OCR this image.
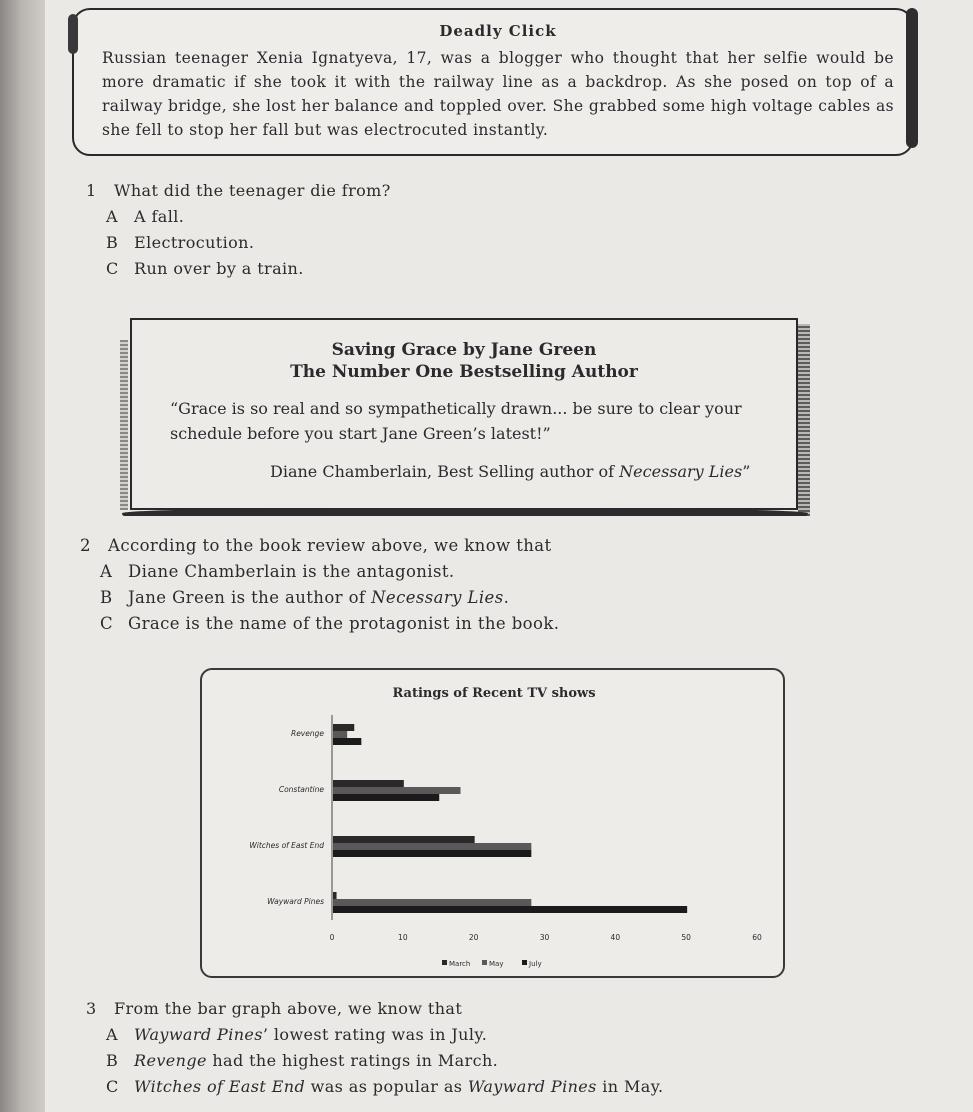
Deadly Click
Russian teenager Xenia Ignatyeva, 17, was a blogger who thought that her selfie would be more dramatic if she took it with the railway line as a backdrop. As she posed on top of a railway bridge, she lost her balance and toppled over. She grabbed some high voltage cables as she fell to stop her fall but was electrocuted instantly.
1	What did the teenager die from?
A A fall.
B Electrocution.
C Run over by a train.
Saving Grace by Jane Green
The Number One Bestselling Author
“Grace is so real and so sympathetically drawn... be sure to clear your schedule before you start Jane Green’s latest!”
Diane Chamberlain, Best Selling author of Necessary Lies”
2	According to the book review above, we know that
A Diane Chamberlain is the antagonist.
B Jane Green is the author of Necessary Lies.
C Grace is the name of the protagonist in the book.
Ratings of Recent TV shows
Revenge
Constantine
Witches of East End
Wayward Pines
0	10	20	30	40	50	60
March	May	July
3	From the bar graph above, we know that
A Wayward Pines’ lowest rating was in July.
B Revenge had the highest ratings in March.
C Witches of East End was as popular as Wayward Pines in May.
